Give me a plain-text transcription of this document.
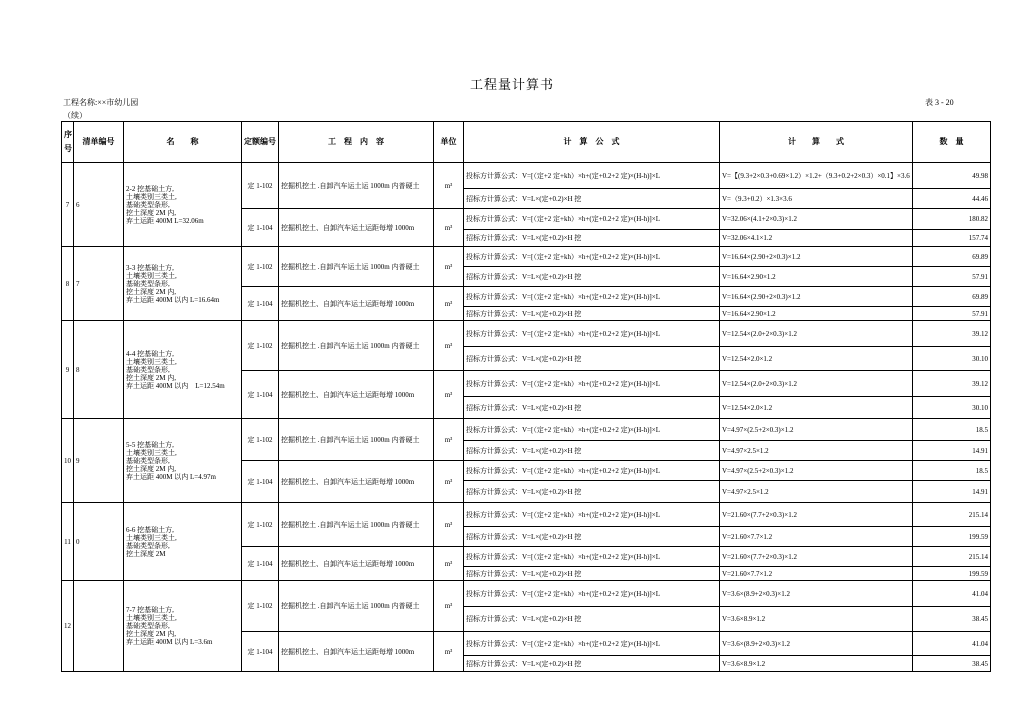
工程量计算书
工程名称:××市幼儿园
（续）
表 3 - 20
序号	清单编号	名　　称	定额编号	工　程　内　容	单位	计　算　公　式	计　　算　　式	数　量
7	6	2-2 挖基础土方,
土壤类别三类土,
基础类型条形,
挖土深度 2M 内,
弃土运距 400M L=32.06m	定 1-102	挖掘机挖土 .自卸汽车运土运 1000m 内普硬土	m³	投标方计算公式：V=[（定+2 定+kh）×h+(定+0.2+2 定)×(H-h)]×L	V=【(9.3+2×0.3+0.69×1.2）×1.2+（9.3+0.2+2×0.3）×0.1】×3.6	49.98
						招标方计算公式：V=L×(定+0.2)×H 挖	V=（9.3+0.2）×1.3×3.6	44.46
			定 1-104	挖掘机挖土、自卸汽车运土运距每增 1000m	m³	投标方计算公式：V=[（定+2 定+kh）×h+(定+0.2+2 定)×(H-h)]×L	V=32.06×(4.1+2×0.3)×1.2	180.82
						招标方计算公式：V=L×(定+0.2)×H 挖	V=32.06×4.1×1.2	157.74
8	7	3-3 挖基础土方,
土壤类别三类土,
基础类型条形,
挖土深度 2M 内,
弃土运距 400M 以内 L=16.64m	定 1-102	挖掘机挖土 .自卸汽车运土运 1000m 内普硬土	m³	投标方计算公式：V=[（定+2 定+kh）×h+(定+0.2+2 定)×(H-h)]×L	V=16.64×(2.90+2×0.3)×1.2	69.89
						招标方计算公式：V=L×(定+0.2)×H 挖	V=16.64×2.90×1.2	57.91
			定 1-104	挖掘机挖土、自卸汽车运土运距每增 1000m	m³	投标方计算公式：V=[（定+2 定+kh）×h+(定+0.2+2 定)×(H-h)]×L	V=16.64×(2.90+2×0.3)×1.2	69.89
						招标方计算公式：V=L×(定+0.2)×H 挖	V=16.64×2.90×1.2	57.91
9	8	4-4 挖基础土方,
土壤类别三类土,
基础类型条形,
挖土深度 2M 内,
弃土运距 400M 以内　L=12.54m	定 1-102	挖掘机挖土 .自卸汽车运土运 1000m 内普硬土	m³	投标方计算公式：V=[（定+2 定+kh）×h+(定+0.2+2 定)×(H-h)]×L	V=12.54×(2.0+2×0.3)×1.2	39.12
						招标方计算公式：V=L×(定+0.2)×H 挖	V=12.54×2.0×1.2	30.10
			定 1-104	挖掘机挖土、自卸汽车运土运距每增 1000m	m³	投标方计算公式：V=[（定+2 定+kh）×h+(定+0.2+2 定)×(H-h)]×L	V=12.54×(2.0+2×0.3)×1.2	39.12
						招标方计算公式：V=L×(定+0.2)×H 挖	V=12.54×2.0×1.2	30.10
10	9	5-5 挖基础土方,
土壤类别三类土,
基础类型条形,
挖土深度 2M 内,
弃土运距 400M 以内 L=4.97m	定 1-102	挖掘机挖土 .自卸汽车运土运 1000m 内普硬土	m³	投标方计算公式：V=[（定+2 定+kh）×h+(定+0.2+2 定)×(H-h)]×L	V=4.97×(2.5+2×0.3)×1.2	18.5
						招标方计算公式：V=L×(定+0.2)×H 挖	V=4.97×2.5×1.2	14.91
			定 1-104	挖掘机挖土、自卸汽车运土运距每增 1000m	m³	投标方计算公式：V=[（定+2 定+kh）×h+(定+0.2+2 定)×(H-h)]×L	V=4.97×(2.5+2×0.3)×1.2	18.5
						招标方计算公式：V=L×(定+0.2)×H 挖	V=4.97×2.5×1.2	14.91
11	0	6-6 挖基础土方,
土壤类别三类土,
基础类型条形,
挖土深度 2M	定 1-102	挖掘机挖土 .自卸汽车运土运 1000m 内普硬土	m³	投标方计算公式：V=[（定+2 定+kh）×h+(定+0.2+2 定)×(H-h)]×L	V=21.60×(7.7+2×0.3)×1.2	215.14
						招标方计算公式：V=L×(定+0.2)×H 挖	V=21.60×7.7×1.2	199.59
			定 1-104	挖掘机挖土、自卸汽车运土运距每增 1000m	m³	投标方计算公式：V=[（定+2 定+kh）×h+(定+0.2+2 定)×(H-h)]×L	V=21.60×(7.7+2×0.3)×1.2	215.14
						招标方计算公式：V=L×(定+0.2)×H 挖	V=21.60×7.7×1.2	199.59
12		7-7 挖基础土方,
土壤类别三类土,
基础类型条形,
挖土深度 2M 内,
弃土运距 400M 以内 L=3.6m	定 1-102	挖掘机挖土 .自卸汽车运土运 1000m 内普硬土	m³	投标方计算公式：V=[（定+2 定+kh）×h+(定+0.2+2 定)×(H-h)]×L	V=3.6×(8.9+2×0.3)×1.2	41.04
						招标方计算公式：V=L×(定+0.2)×H 挖	V=3.6×8.9×1.2	38.45
			定 1-104	挖掘机挖土、自卸汽车运土运距每增 1000m	m³	投标方计算公式：V=[（定+2 定+kh）×h+(定+0.2+2 定)×(H-h)]×L	V=3.6×(8.9+2×0.3)×1.2	41.04
						招标方计算公式：V=L×(定+0.2)×H 挖	V=3.6×8.9×1.2	38.45
